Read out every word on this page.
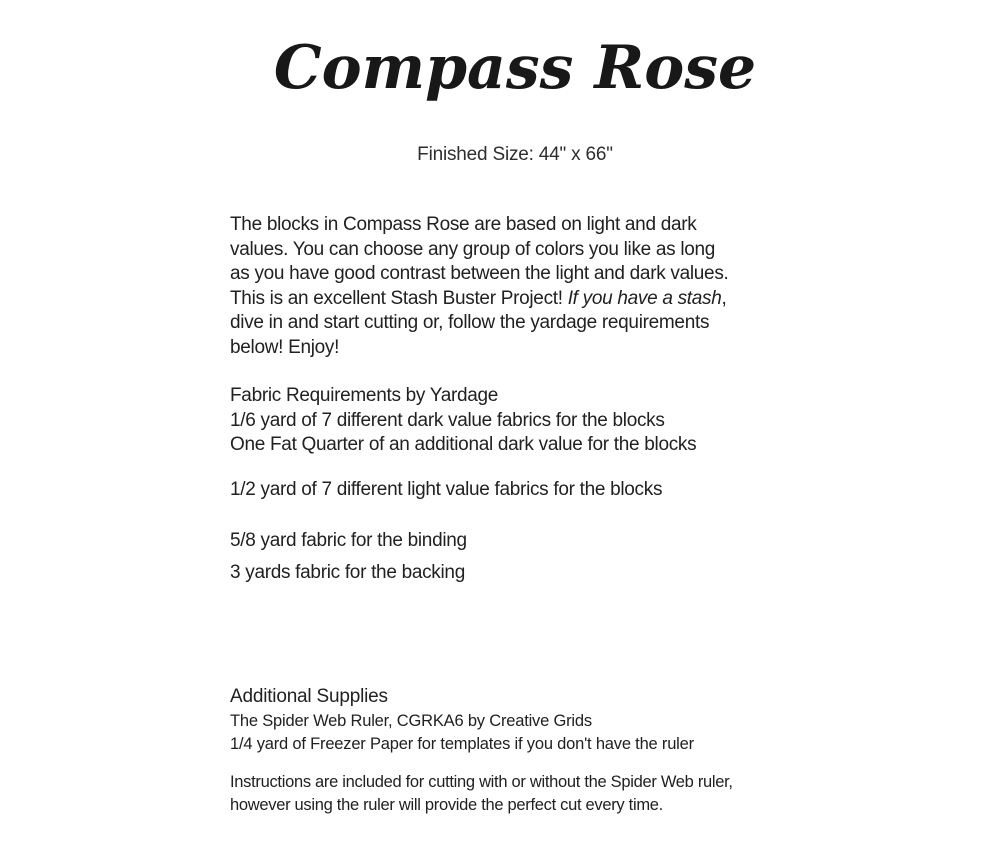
Compass Rose
Finished Size: 44" x 66"
The blocks in Compass Rose are based on light and dark
values. You can choose any group of colors you like as long
as you have good contrast between the light and dark values.
This is an excellent Stash Buster Project! If you have a stash,
dive in and start cutting or, follow the yardage requirements
below! Enjoy!
Fabric Requirements by Yardage
1/6 yard of 7 different dark value fabrics for the blocks
One Fat Quarter of an additional dark value for the blocks
1/2 yard of 7 different light value fabrics for the blocks
5/8 yard fabric for the binding
3 yards fabric for the backing
Additional Supplies
The Spider Web Ruler, CGRKA6 by Creative Grids
1/4 yard of Freezer Paper for templates if you don't have the ruler
Instructions are included for cutting with or without the Spider Web ruler,
however using the ruler will provide the perfect cut every time.
